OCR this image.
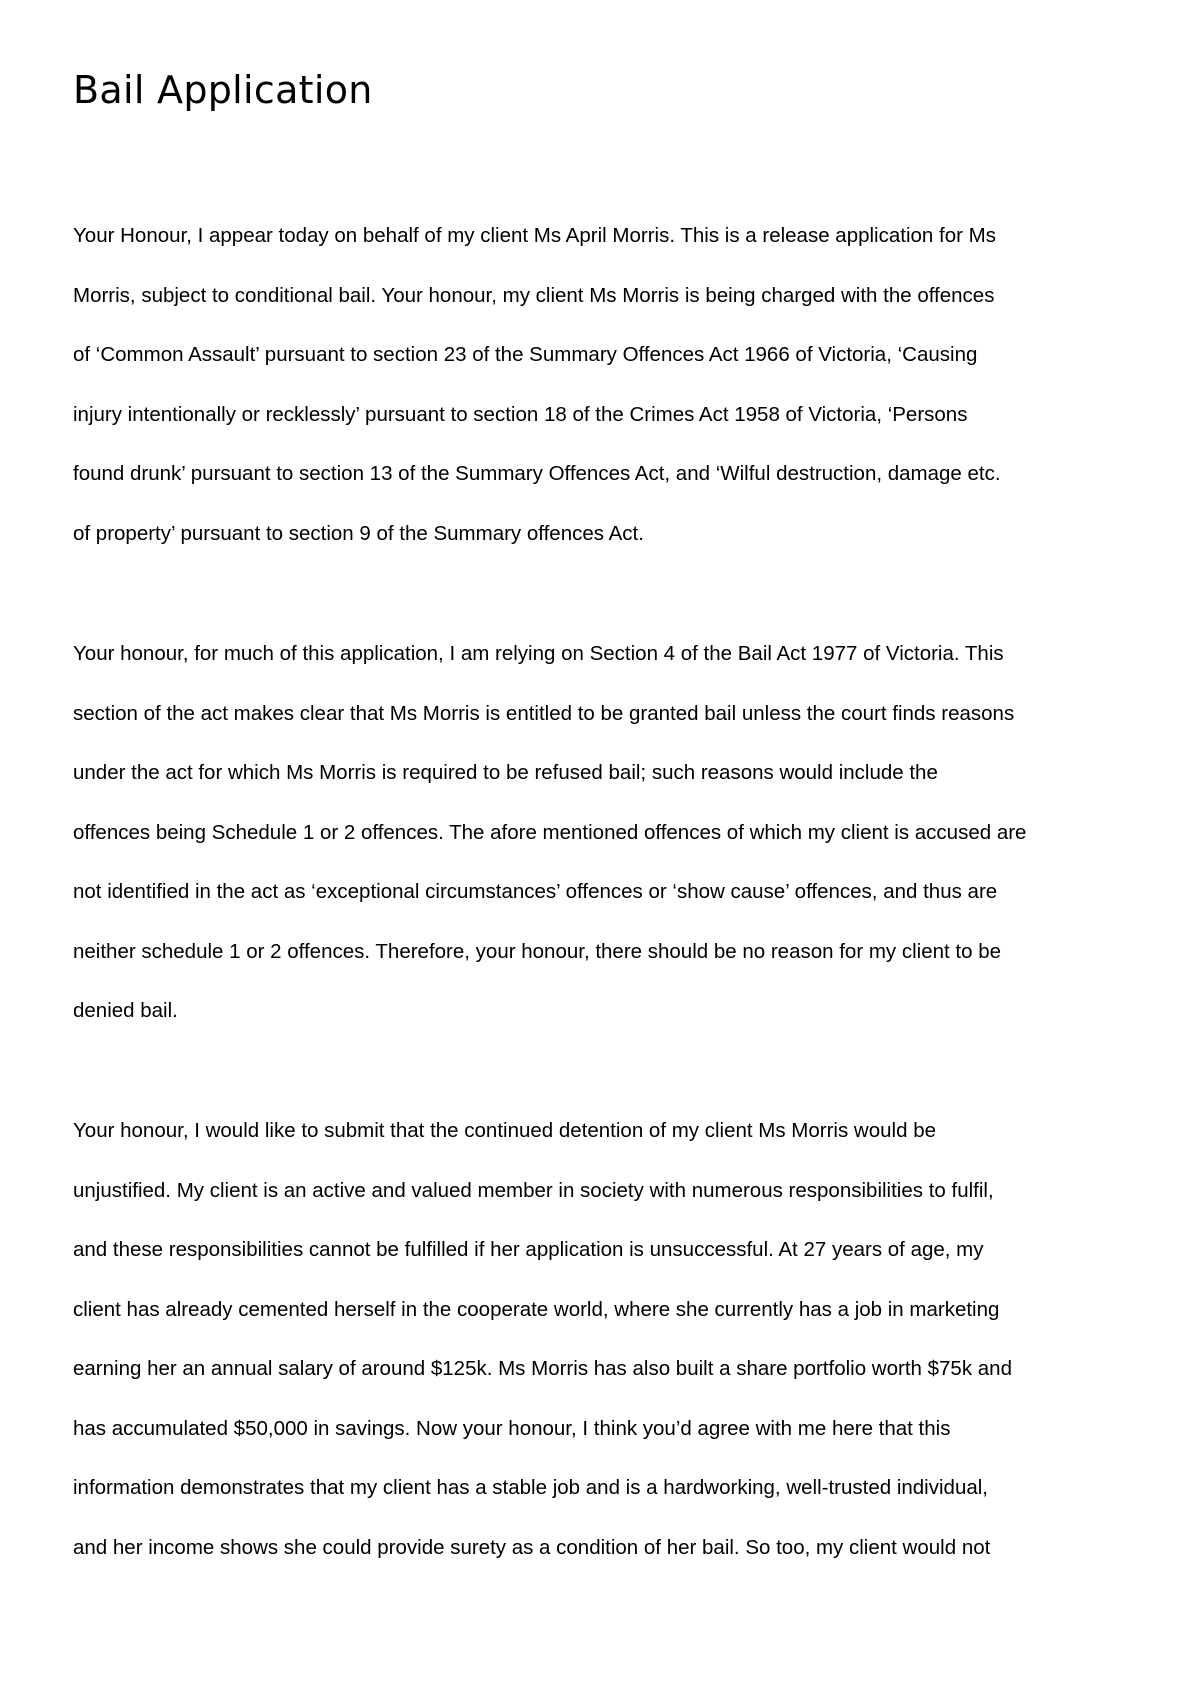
Bail Application

Your Honour, I appear today on behalf of my client Ms April Morris. This is a release application for Ms
Morris, subject to conditional bail. Your honour, my client Ms Morris is being charged with the offences
of ‘Common Assault’ pursuant to section 23 of the Summary Offences Act 1966 of Victoria, ‘Causing
injury intentionally or recklessly’ pursuant to section 18 of the Crimes Act 1958 of Victoria, ‘Persons
found drunk’ pursuant to section 13 of the Summary Offences Act, and ‘Wilful destruction, damage etc.
of property’ pursuant to section 9 of the Summary offences Act.

Your honour, for much of this application, I am relying on Section 4 of the Bail Act 1977 of Victoria. This
section of the act makes clear that Ms Morris is entitled to be granted bail unless the court finds reasons
under the act for which Ms Morris is required to be refused bail; such reasons would include the
offences being Schedule 1 or 2 offences. The afore mentioned offences of which my client is accused are
not identified in the act as ‘exceptional circumstances’ offences or ‘show cause’ offences, and thus are
neither schedule 1 or 2 offences. Therefore, your honour, there should be no reason for my client to be
denied bail.

Your honour, I would like to submit that the continued detention of my client Ms Morris would be
unjustified. My client is an active and valued member in society with numerous responsibilities to fulfil,
and these responsibilities cannot be fulfilled if her application is unsuccessful. At 27 years of age, my
client has already cemented herself in the cooperate world, where she currently has a job in marketing
earning her an annual salary of around $125k. Ms Morris has also built a share portfolio worth $75k and
has accumulated $50,000 in savings. Now your honour, I think you’d agree with me here that this
information demonstrates that my client has a stable job and is a hardworking, well-trusted individual,
and her income shows she could provide surety as a condition of her bail. So too, my client would not
